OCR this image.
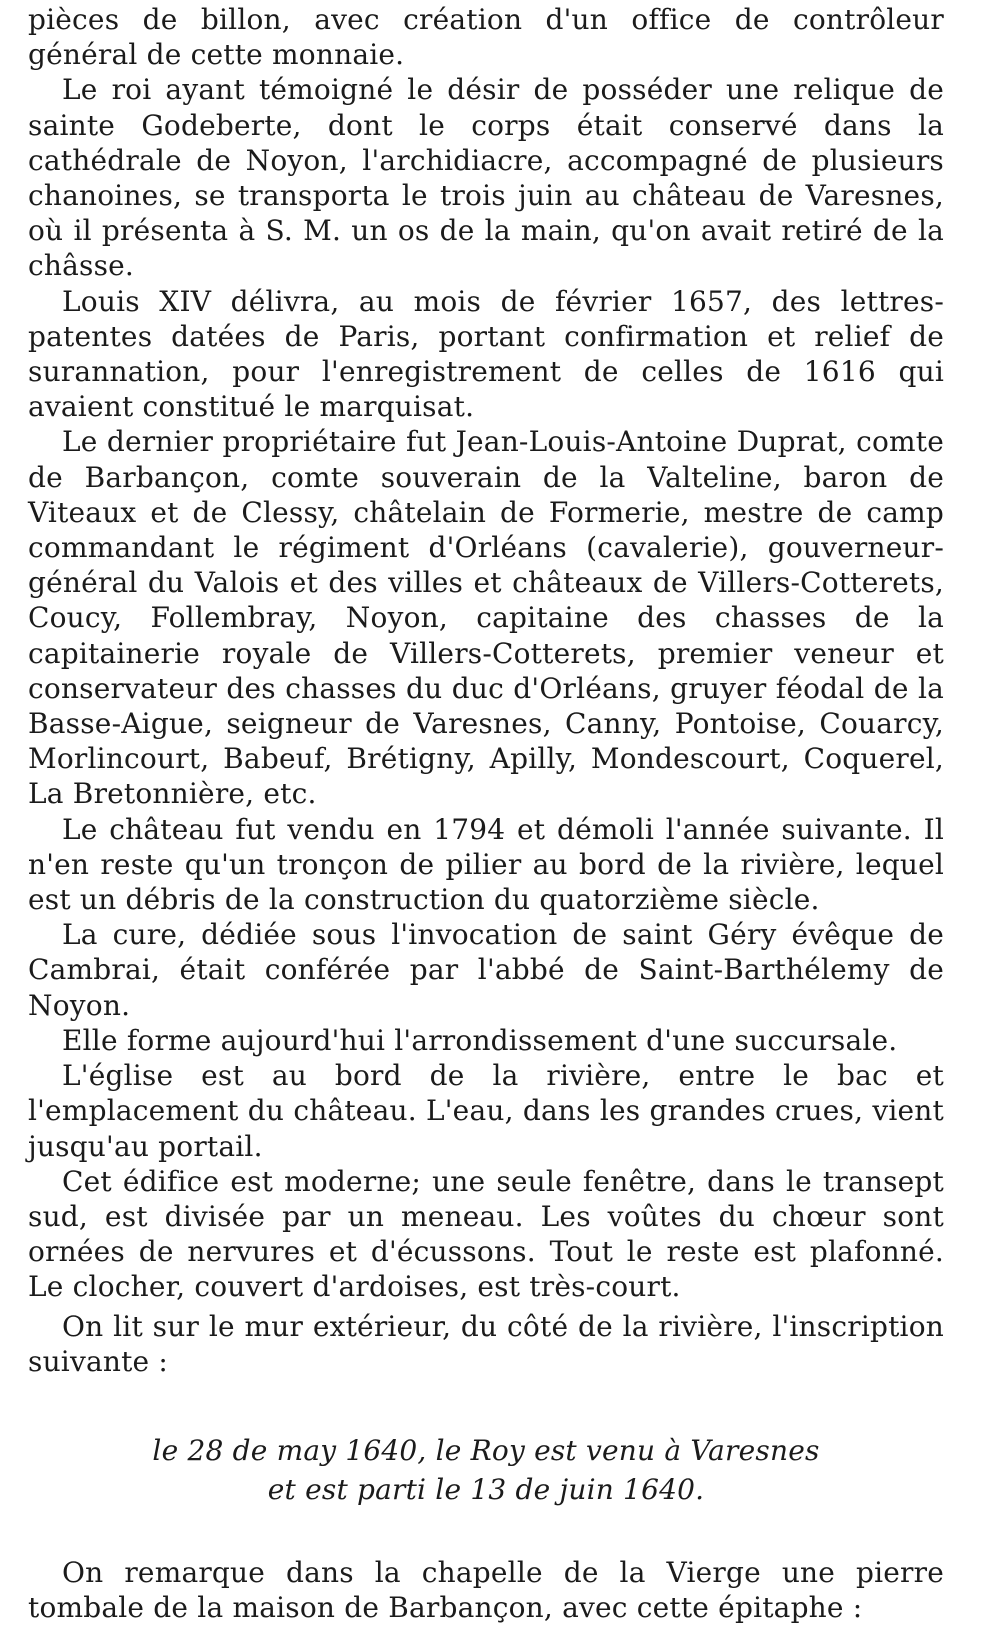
pièces de billon, avec création d'un office de contrôleur général de cette monnaie.

Le roi ayant témoigné le désir de posséder une relique de sainte Godeberte, dont le corps était conservé dans la cathédrale de Noyon, l'archidiacre, accompagné de plusieurs chanoines, se transporta le trois juin au château de Varesnes, où il présenta à S. M. un os de la main, qu'on avait retiré de la châsse.

Louis XIV délivra, au mois de février 1657, des lettres-patentes datées de Paris, portant confirmation et relief de surannation, pour l'enregistrement de celles de 1616 qui avaient constitué le marquisat.

Le dernier propriétaire fut Jean-Louis-Antoine Duprat, comte de Barbançon, comte souverain de la Valteline, baron de Viteaux et de Clessy, châtelain de Formerie, mestre de camp commandant le régiment d'Orléans (cavalerie), gouverneur-général du Valois et des villes et châteaux de Villers-Cotterets, Coucy, Follembray, Noyon, capitaine des chasses de la capitainerie royale de Villers-Cotterets, premier veneur et conservateur des chasses du duc d'Orléans, gruyer féodal de la Basse-Aigue, seigneur de Varesnes, Canny, Pontoise, Couarcy, Morlincourt, Babeuf, Brétigny, Apilly, Mondescourt, Coquerel, La Bretonnière, etc.

Le château fut vendu en 1794 et démoli l'année suivante. Il n'en reste qu'un tronçon de pilier au bord de la rivière, lequel est un débris de la construction du quatorzième siècle.

La cure, dédiée sous l'invocation de saint Géry évêque de Cambrai, était conférée par l'abbé de Saint-Barthélemy de Noyon.

Elle forme aujourd'hui l'arrondissement d'une succursale.

L'église est au bord de la rivière, entre le bac et l'emplacement du château. L'eau, dans les grandes crues, vient jusqu'au portail.

Cet édifice est moderne; une seule fenêtre, dans le transept sud, est divisée par un meneau. Les voûtes du chœur sont ornées de nervures et d'écussons. Tout le reste est plafonné. Le clocher, couvert d'ardoises, est très-court.

On lit sur le mur extérieur, du côté de la rivière, l'inscription suivante :

le 28 de may 1640, le Roy est venu à Varesnes
et est parti le 13 de juin 1640.

On remarque dans la chapelle de la Vierge une pierre tombale de la maison de Barbançon, avec cette épitaphe :
